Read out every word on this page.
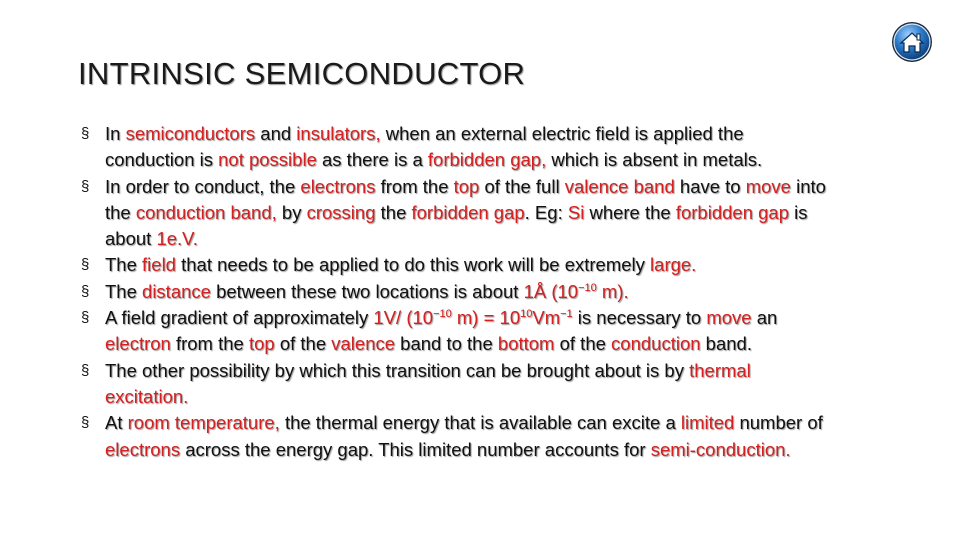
INTRINSIC SEMICONDUCTOR
§ In semiconductors and insulators, when an external electric field is applied the conduction is not possible as there is a forbidden gap, which is absent in metals.
§ In order to conduct, the electrons from the top of the full valence band have to move into the conduction band, by crossing the forbidden gap. Eg: Si where the forbidden gap is about 1e.V.
§ The field that needs to be applied to do this work will be extremely large.
§ The distance between these two locations is about 1Å ($10^{-10}$ m).
§ A field gradient of approximately 1V/ ($10^{-10}$ $m) = 10^{10}Vm^{-1}$ is necessary to move an electron from the top of the valence band to the bottom of the conduction band.
§ The other possibility by which this transition can be brought about is by thermal excitation.
§ At room temperature, the thermal energy that is available can excite a limited number of electrons across the energy gap. This limited number accounts for semi-conduction.
